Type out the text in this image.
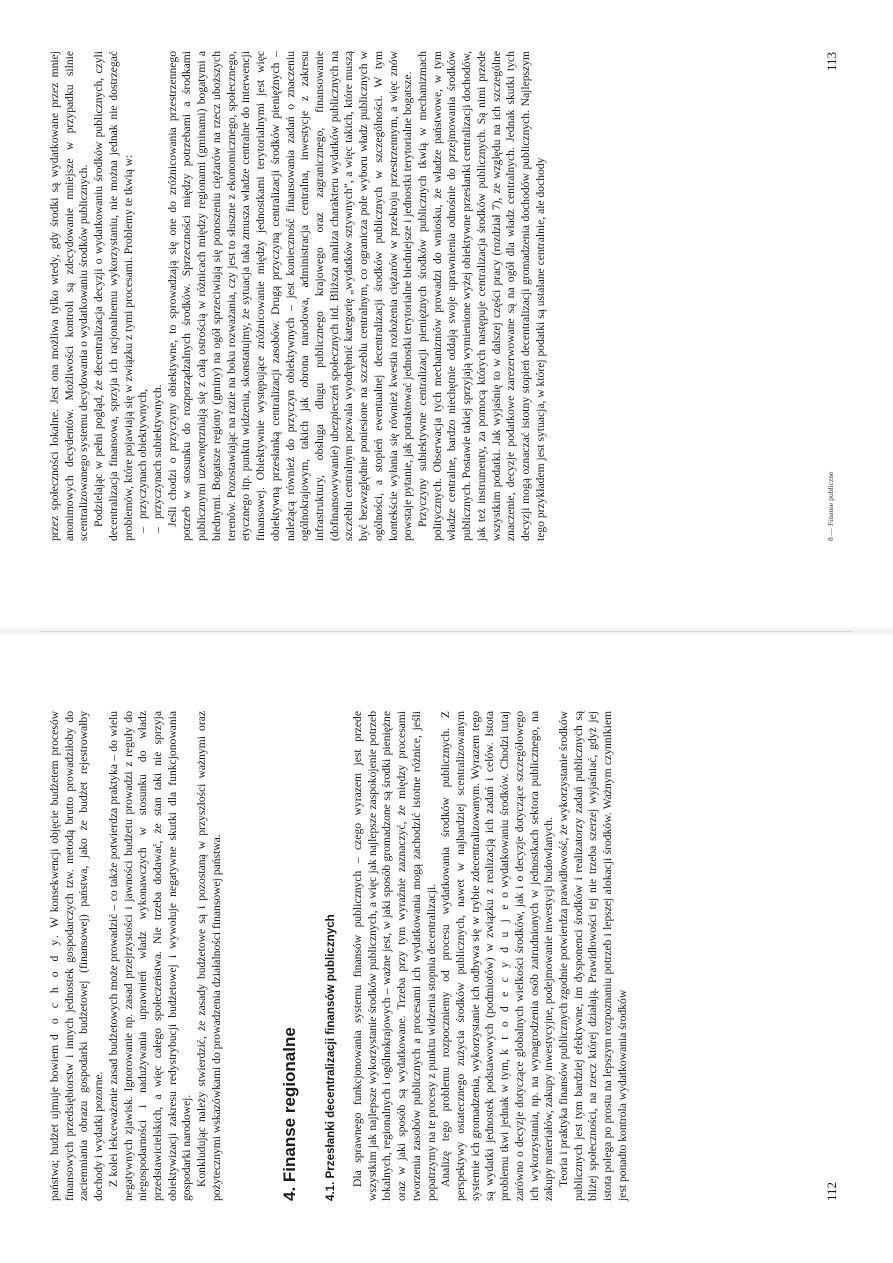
państwa; budżet ujmuje bowiem d o c h o d y. W konsekwencji objęcie budżetem procesów finansowych przedsiębiorstw i innych jednostek gospodarczych tzw. metodą brutto prowadziłoby do zaciemniania obrazu gospodarki budżetowej (finansowej) państwa, jako że budżet rejestrowałby dochody i wydatki pozorne. Z kolei lekceważenie zasad budżetowych może prowadzić – co także potwierdza praktyka – do wielu negatywnych zjawisk. Ignorowanie np. zasad przejrzystości i jawności budżetu prowadzi z reguły do niegospodarności i nadużywania uprawnień władz wykonawczych w stosunku do władz przedstawicielskich, a więc całego społeczeństwa. Nie trzeba dodawać, że stan taki nie sprzyja obiektywizacji zakresu redystrybucji budżetowej i wywołuje negatywne skutki dla funkcjonowania gospodarki narodowej. Konkludując należy stwierdzić, że zasady budżetowe są i pozostaną w przyszłości ważnymi oraz pożytecznymi wskazówkami do prowadzenia działalności finansowej państwa.	4. Finanse regionalne 4.1. Przesłanki decentralizacji finansów publicznych Dla sprawnego funkcjonowania systemu finansów publicznych – czego wyrazem jest przede wszystkim jak najlepsze wykorzystanie środków publicznych, a więc jak najlepsze zaspokojenie potrzeb lokalnych, regionalnych i ogólnokrajowych – ważne jest, w jaki sposób gromadzone są środki pieniężne oraz w jaki sposób są wydatkowane. Trzeba przy tym wyraźnie zaznaczyć, że między procesami tworzenia zasobów publicznych a procesami ich wydatkowania mogą zachodzić istotne różnice, jeśli popatrzymy na te procesy z punktu widzenia stopnia decentralizacji. Analizę tego problemu rozpoczniemy od procesu wydatkowania środków publicznych. Z perspektywy ostatecznego zużycia środków publicznych, nawet w najbardziej scentralizowanym systemie ich gromadzenia, wykorzystanie ich odbywa się w trybie zdecentralizowanym. Wyrazem tego są wydatki jednostek podstawowych (podmiotów) w związku z realizacją ich zadań i celów. Istota problemu tkwi jednak w tym, k t o d e c y d u j e o wydatkowaniu środków. Chodzi tutaj zarówno o decyzje dotyczące globalnych wielkości środków, jak i o decyzje dotyczące szczegółowego ich wykorzystania, np. na wynagrodzenia osób zatrudnionych w jednostkach sektora publicznego, na zakupy materiałów, zakupy inwestycyjne, podejmowanie inwestycji budowlanych. Teoria i praktyka finansów publicznych zgodnie potwierdza prawidłowość, że wykorzystanie środków publicznych jest tym bardziej efektywne, im dysponenci środków i realizatorzy zadań publicznych są bliżej społeczności, na rzecz której działają. Prawidłowości tej nie trzeba szerzej wyjaśniać, gdyż jej istota polega po prostu na lepszym rozpoznaniu potrzeb i lepszej alokacji środków. Ważnym czynnikiem jest ponadto kontrola wydatkowania środków	112

przez społeczności lokalne. Jest ona możliwa tylko wtedy, gdy środki są wydatkowane przez mniej anonimowych decydentów. Możliwości kontroli są zdecydowanie mniejsze w przypadku silnie scentralizowanego systemu decydowania o wydatkowaniu środków publicznych. Podzielając w pełni pogląd, że decentralizacja decyzji o wydatkowaniu środków publicznych, czyli decentralizacja finansowa, sprzyja ich racjonalnemu wykorzystaniu, nie można jednak nie dostrzegać problemów, które pojawiają się w związku z tymi procesami. Problemy te tkwią w: – przyczynach obiektywnych, – przyczynach subiektywnych. Jeśli chodzi o przyczyny obiektywne, to sprowadzają się one do zróżnicowania przestrzennego potrzeb w stosunku do rozporządzalnych środków. Sprzeczności między potrzebami a środkami publicznymi uzewnętrzniają się z całą ostrością w różnicach między regionami (gminami) bogatymi a biednymi. Bogatsze regiony (gminy) na ogół sprzeciwiają się ponoszeniu ciężarów na rzecz uboższych terenów. Pozostawiając na razie na boku rozważania, czy jest to słuszne z ekonomicznego, społecznego, etycznego itp. punktu widzenia, skonstatujmy, że sytuacja taka zmusza władze centralne do interwencji finansowej. Obiektywnie występujące zróżnicowanie między jednostkami terytorialnymi jest więc obiektywną przesłanką centralizacji zasobów. Drugą przyczyną centralizacji środków pieniężnych – należącą również do przyczyn obiektywnych – jest konieczność finansowania zadań o znaczeniu ogólnokrajowym, takich jak obrona narodowa, administracja centralna, inwestycje z zakresu infrastruktury, obsługa długu publicznego krajowego oraz zagranicznego, finansowanie (dofinansowywanie) ubezpieczeń społecznych itd. Bliższa analiza charakteru wydatków publicznych na szczeblu centralnym pozwala wyodrębnić kategorię „wydatków sztywnych”, a więc takich, które muszą być bezwzględnie poniesione na szczeblu centralnym, co ogranicza pole wyboru władz publicznych w ogólności, a stopień ewentualnej decentralizacji środków publicznych w szczególności. W tym kontekście wyłania się również kwestia rozłożenia ciężarów w przekroju przestrzennym, a więc znów powstaje pytanie, jak potraktować jednostki terytorialne biedniejsze i jednostki terytorialne bogatsze. Przyczyny subiektywne centralizacji pieniężnych środków publicznych tkwią w mechanizmach politycznych. Obserwacja tych mechanizmów prowadzi do wniosku, że władze państwowe, w tym władze centralne, bardzo niechętnie oddają swoje uprawnienia odnośnie do przejmowania środków publicznych. Postawie takiej sprzyjają wymienione wyżej obiektywne przesłanki centralizacji dochodów, jak też instrumenty, za pomocą których następuje centralizacja środków publicznych. Są nimi przede wszystkim podatki. Jak wyjaśnię to w dalszej części pracy (rozdział 7), ze względu na ich szczególne znaczenie, decyzje podatkowe zarezerwowane są na ogół dla władz centralnych. Jednak skutki tych decyzji mogą oznaczać istotny stopień decentralizacji gromadzenia dochodów publicznych. Najlepszym tego przykładem jest sytuacja, w której podatki są ustalane centralnie, ale dochody	8 — Finanse publiczne
113
